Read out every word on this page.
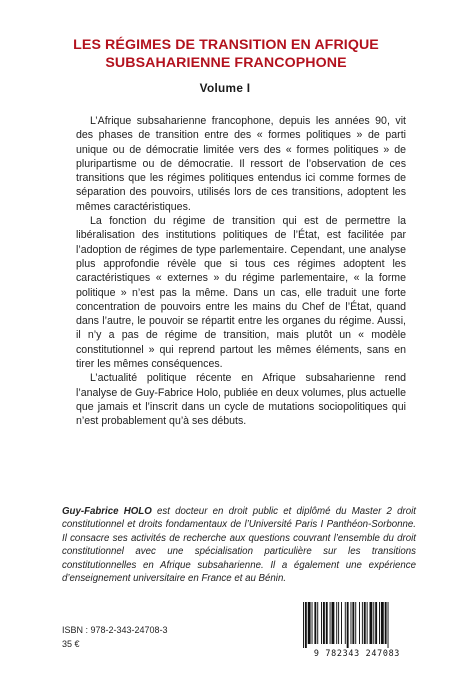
LES RÉGIMES DE TRANSITION EN AFRIQUE
SUBSAHARIENNE FRANCOPHONE
Volume I

L’Afrique subsaharienne francophone, depuis les années 90, vit des phases de transition entre des « formes politiques » de parti unique ou de démocratie limitée vers des « formes politiques » de pluripartisme ou de démocratie. Il ressort de l’observation de ces transitions que les régimes politiques entendus ici comme formes de séparation des pouvoirs, utilisés lors de ces transitions, adoptent les mêmes caractéristiques.

La fonction du régime de transition qui est de permettre la libéralisation des institutions politiques de l’État, est facilitée par l’adoption de régimes de type parlementaire. Cependant, une analyse plus approfondie révèle que si tous ces régimes adoptent les caractéristiques « externes » du régime parlementaire, « la forme politique » n’est pas la même. Dans un cas, elle traduit une forte concentration de pouvoirs entre les mains du Chef de l’État, quand dans l’autre, le pouvoir se répartit entre les organes du régime. Aussi, il n’y a pas de régime de transition, mais plutôt un « modèle constitutionnel » qui reprend partout les mêmes éléments, sans en tirer les mêmes conséquences.

L’actualité politique récente en Afrique subsaharienne rend l’analyse de Guy-Fabrice Holo, publiée en deux volumes, plus actuelle que jamais et l’inscrit dans un cycle de mutations sociopolitiques qui n’est probablement qu’à ses débuts.

Guy-Fabrice HOLO est docteur en droit public et diplômé du Master 2 droit constitutionnel et droits fondamentaux de l’Université Paris I Panthéon-Sorbonne. Il consacre ses activités de recherche aux questions couvrant l’ensemble du droit constitutionnel avec une spécialisation particulière sur les transitions constitutionnelles en Afrique subsaharienne. Il a également une expérience d’enseignement universitaire en France et au Bénin.
ISBN : 978-2-343-24708-3
35 €
9 782343 247083
